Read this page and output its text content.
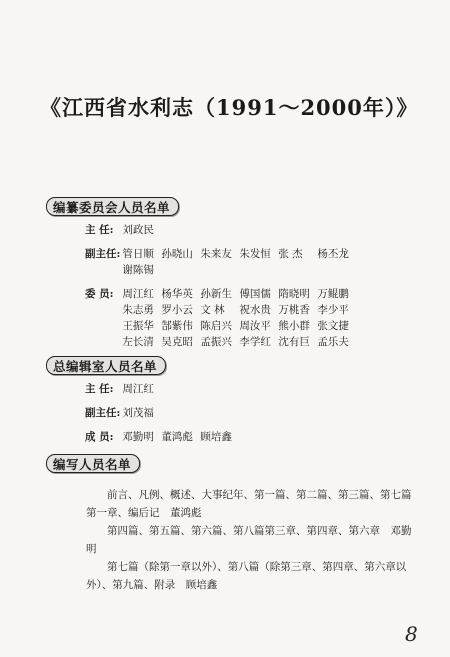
《江西省水利志（1991～2000年）》
编纂委员会人员名单
主 任: 刘政民
副主任: 管日顺 孙晓山 朱来友 朱发恒 张 杰 杨丕龙
谢陈锡
委 员: 周江红 杨华英 孙新生 傅国儒 隋晓明 万鲲鹏
朱志勇 罗小云 文 林 祝水贵 万桃香 李少平
王振华 郜紫伟 陈启兴 周汝平 熊小群 张文捷
左长清 吴克昭 孟振兴 李学红 沈有巨 孟乐夫
总编辑室人员名单
主 任: 周江红
副主任: 刘茂福
成 员: 邓勤明 董鸿彪 顾培鑫
编写人员名单
前言、凡例、概述、大事纪年、第一篇、第二篇、第三篇、第七篇第一章、编后记　董鸿彪
第四篇、第五篇、第六篇、第八篇第三章、第四章、第六章　邓勤明
第七篇（除第一章以外）、第八篇（除第三章、第四章、第六章以外）、第九篇、附录　顾培鑫
8
